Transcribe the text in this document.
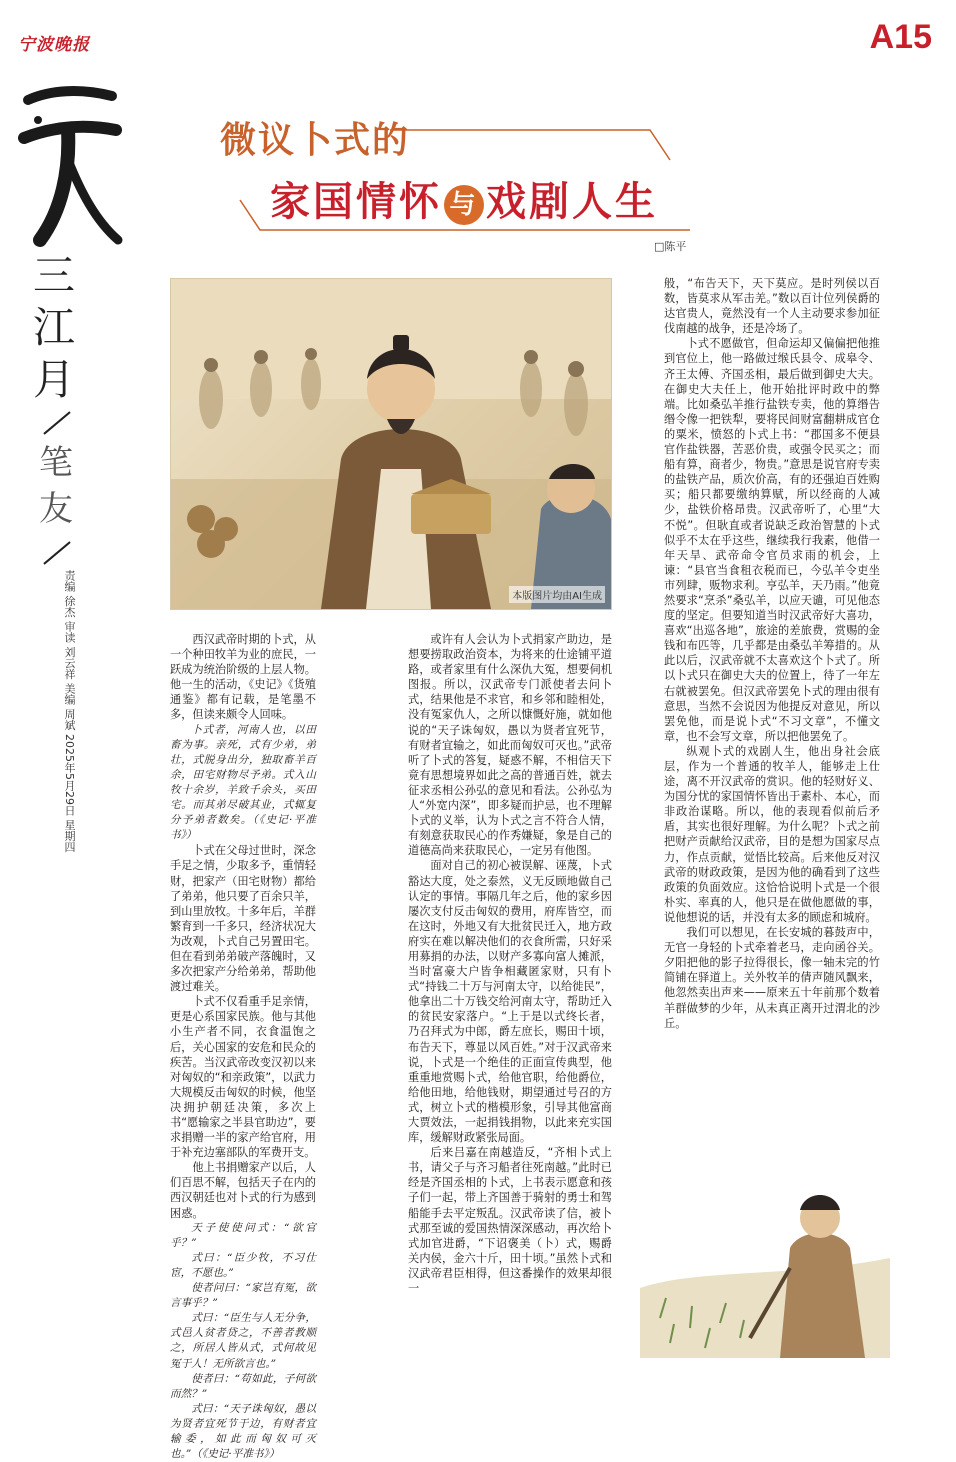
宁波晚报	A15
三
江
月
笔
友
责编 徐杰 审读 刘云祥 美编 周斌 2025年5月29日 星期四
微议卜式的
家国情怀 与 戏剧人生
□陈平
本版图片均由AI生成

西汉武帝时期的卜式，从一个种田牧羊为业的庶民，一跃成为统治阶级的上层人物。他一生的活动，《史记》《货殖通鉴》都有记载，是笔墨不多，但读来颇令人回味。

卜式者，河南人也，以田畜为事。亲死，式有少弟，弟壮，式脱身出分，独取畜羊百余，田宅财物尽予弟。式入山牧十余岁，羊致千余头，买田宅。而其弟尽破其业，式辄复分予弟者数矣。（《史记·平准书》）

卜式在父母过世时，深念手足之情，少取多予，重情轻财，把家产（田宅财物）都给了弟弟，他只要了百余只羊，到山里放牧。十多年后，羊群繁育到一千多只，经济状况大为改观，卜式自己另置田宅。但在看到弟弟破产落魄时，又多次把家产分给弟弟，帮助他渡过难关。

卜式不仅看重手足亲情，更是心系国家民族。他与其他小生产者不同，衣食温饱之后，关心国家的安危和民众的疾苦。当汉武帝改变汉初以来对匈奴的“和亲政策”，以武力大规模反击匈奴的时候，他坚决拥护朝廷决策，多次上书“愿输家之半县官助边”，要求捐赠一半的家产给官府，用于补充边塞部队的军费开支。

他上书捐赠家产以后，人们百思不解，包括天子在内的西汉朝廷也对卜式的行为感到困惑。

天子使使问式：“欲官乎？”

式曰：“臣少牧，不习仕宦，不愿也。”

使者问曰：“家岂有冤，欲言事乎？”

式曰：“臣生与人无分争，式邑人贫者贷之，不善者教顺之，所居人皆从式，式何故见冤于人！无所欲言也。”

使者曰：“苟如此，子何欲而然？”

式曰：“天子诛匈奴，愚以为贤者宜死节于边，有财者宜输委，如此而匈奴可灭也。”（《史记·平准书》）

或许有人会认为卜式捐家产助边，是想要捞取政治资本，为将来的仕途铺平道路，或者家里有什么深仇大冤，想要伺机图报。所以，汉武帝专门派使者去问卜式，结果他是不求官，和乡邻和睦相处，没有冤家仇人，之所以慷慨好施，就如他说的“天子诛匈奴，愚以为贤者宜死节，有财者宜输之，如此而匈奴可灭也。”武帝听了卜式的答复，疑惑不解，不相信天下竟有思想境界如此之高的普通百姓，就去征求丞相公孙弘的意见和看法。公孙弘为人“外宽内深”，即多疑而护忌，也不理解卜式的义举，认为卜式之言不符合人情，有刻意获取民心的作秀嫌疑，象是自己的道德高尚来获取民心，一定另有他图。

面对自己的初心被误解、诬蔑，卜式豁达大度，处之泰然，义无反顾地做自己认定的事情。事隔几年之后，他的家乡因屡次支付反击匈奴的费用，府库皆空，而在这时，外地又有大批贫民迁入，地方政府实在难以解决他们的衣食所需，只好采用募捐的办法，以财产多寡向富人摊派，当时富豪大户皆争相藏匿家财，只有卜式“持钱二十万与河南太守，以给徙民”，他拿出二十万钱交给河南太守，帮助迁入的贫民安家落户。“上于是以式终长者，乃召拜式为中郎，爵左庶长，赐田十顷，布告天下，尊显以风百姓。”对于汉武帝来说，卜式是一个绝佳的正面宣传典型，他重重地赏赐卜式，给他官职，给他爵位，给他田地，给他钱财，期望通过号召的方式，树立卜式的楷模形象，引导其他富商大贾效法，一起捐钱捐物，以此来充实国库，缓解财政紧张局面。

后来吕嘉在南越造反，“齐相卜式上书，请父子与齐习船者往死南越。”此时已经是齐国丞相的卜式，上书表示愿意和孩子们一起，带上齐国善于骑射的勇士和驾船能手去平定叛乱。汉武帝读了信，被卜式那至诚的爱国热情深深感动，再次给卜式加官进爵，“下诏褒美（卜）式，赐爵关内侯，金六十斤，田十顷。”虽然卜式和汉武帝君臣相得，但这番操作的效果却很一

般，“布告天下，天下莫应。是时列侯以百数，皆莫求从军击羌。”数以百计位列侯爵的达官贵人，竟然没有一个人主动要求参加征伐南越的战争，还是冷场了。

卜式不愿做官，但命运却又偏偏把他推到官位上，他一路做过缑氏县令、成皋令、齐王太傅、齐国丞相，最后做到御史大夫。在御史大夫任上，他开始批评时政中的弊端。比如桑弘羊推行盐铁专卖，他的算缗告缗令像一把铁犁，要将民间财富翻耕成官仓的粟米，愤怒的卜式上书：“郡国多不便县官作盐铁器，苦恶价贵，或强令民买之；而船有算，商者少，物贵。”意思是说官府专卖的盐铁产品，质次价高，有的还强迫百姓购买；船只都要缴纳算赋，所以经商的人减少，盐铁价格昂贵。汉武帝听了，心里“大不悦”。但耿直或者说缺乏政治智慧的卜式似乎不太在乎这些，继续我行我素，他借一年天旱、武帝命令官员求雨的机会，上谏：“县官当食租衣税而已，今弘羊令吏坐市列肆，贩物求利。亨弘羊，天乃雨。”他竟然要求“烹杀”桑弘羊，以应天谴，可见他态度的坚定。但要知道当时汉武帝好大喜功，喜欢“出巡各地”，旅途的差旅费，赏赐的金钱和布匹等，几乎都是由桑弘羊筹措的。从此以后，汉武帝就不太喜欢这个卜式了。所以卜式只在御史大夫的位置上，待了一年左右就被罢免。但汉武帝罢免卜式的理由很有意思，当然不会说因为他提反对意见，所以罢免他，而是说卜式“不习文章”，不懂文章，也不会写文章，所以把他罢免了。

纵观卜式的戏剧人生，他出身社会底层，作为一个普通的牧羊人，能够走上仕途，离不开汉武帝的赏识。他的轻财好义、为国分忧的家国情怀皆出于素朴、本心，而非政治谋略。所以，他的表现看似前后矛盾，其实也很好理解。为什么呢？卜式之前把财产贡献给汉武帝，目的是想为国家尽点力，作点贡献，觉悟比较高。后来他反对汉武帝的财政政策，是因为他的确看到了这些政策的负面效应。这恰恰说明卜式是一个很朴实、率真的人，他只是在做他愿做的事，说他想说的话，并没有太多的顾虑和城府。

我们可以想见，在长安城的暮鼓声中，无官一身轻的卜式牵着老马，走向函谷关。夕阳把他的影子拉得很长，像一轴未完的竹简铺在驿道上。关外牧羊的倩声随风飘来，他忽然卖出声来——原来五十年前那个数着羊群做梦的少年，从未真正离开过渭北的沙丘。
